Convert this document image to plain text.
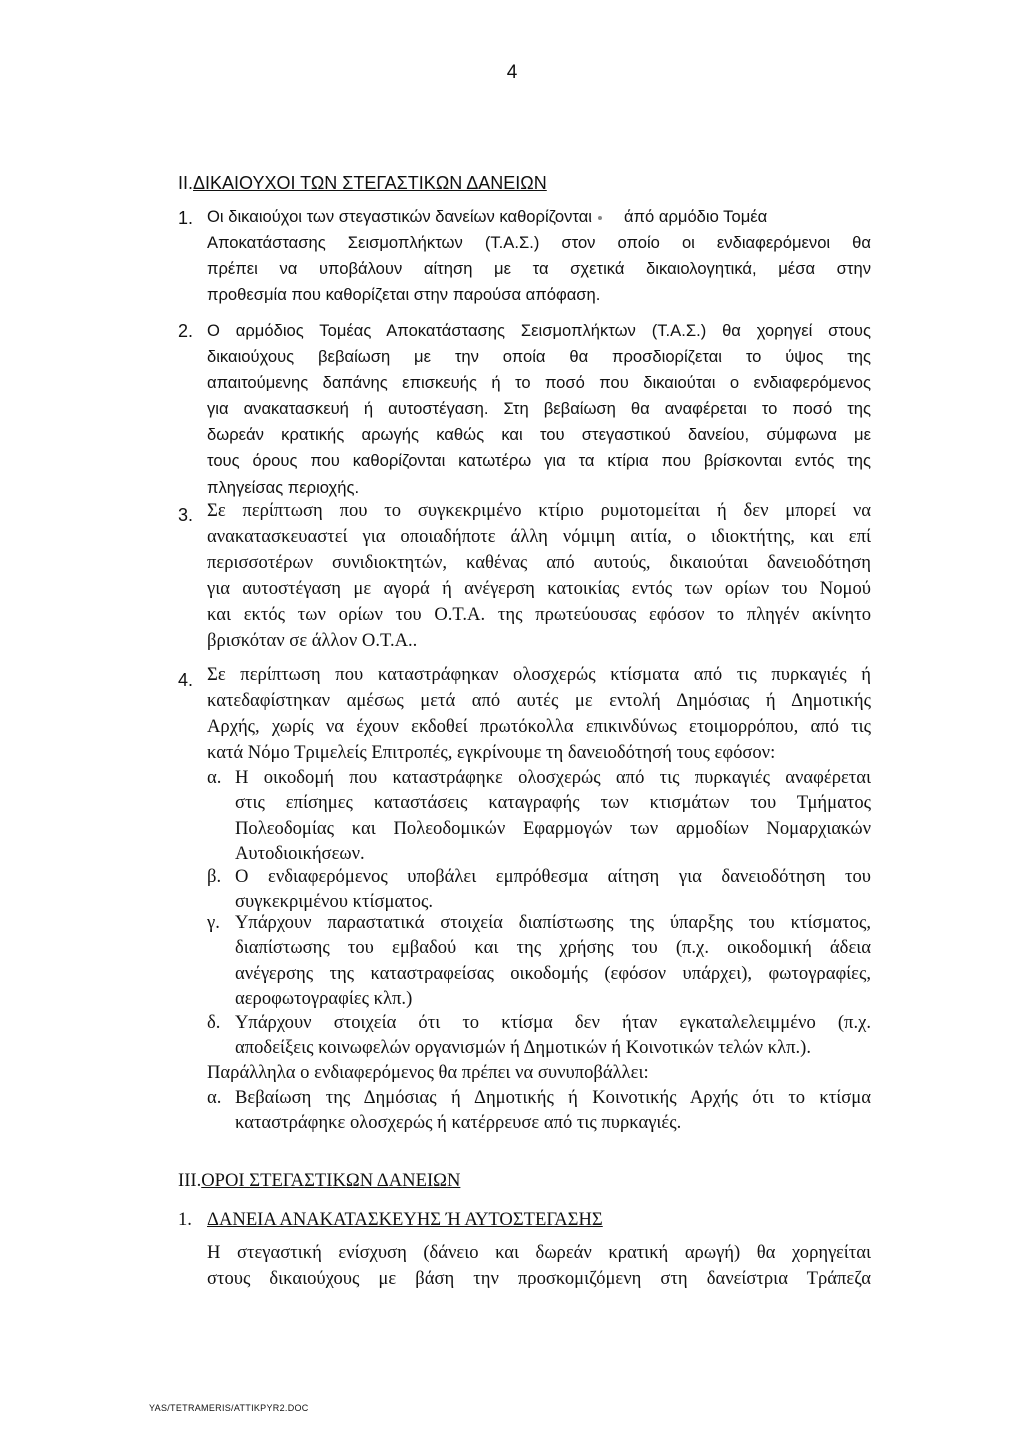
4
II.ΔΙΚΑΙΟΥΧΟΙ ΤΩΝ ΣΤΕΓΑΣΤΙΚΩΝ ΔΑΝΕΙΩΝ
1. Οι δικαιούχοι των στεγαστικών δανείων καθορίζονται άπό αρμόδιο Τομέα
Αποκατάστασης Σεισμοπλήκτων (Τ.Α.Σ.) στον οποίο οι ενδιαφερόμενοι θα
πρέπει να υποβάλουν αίτηση με τα σχετικά δικαιολογητικά, μέσα στην
προθεσμία που καθορίζεται στην παρούσα απόφαση.
2. Ο αρμόδιος Τομέας Αποκατάστασης Σεισμοπλήκτων (Τ.Α.Σ.) θα χορηγεί στους
δικαιούχους βεβαίωση με την οποία θα προσδιορίζεται το ύψος της
απαιτούμενης δαπάνης επισκευής ή το ποσό που δικαιούται ο ενδιαφερόμενος
για ανακατασκευή ή αυτοστέγαση. Στη βεβαίωση θα αναφέρεται το ποσό της
δωρεάν κρατικής αρωγής καθώς και του στεγαστικού δανείου, σύμφωνα με
τους όρους που καθορίζονται κατωτέρω για τα κτίρια που βρίσκονται εντός της
πληγείσας περιοχής.
3. Σε περίπτωση που το συγκεκριμένο κτίριο ρυμοτομείται ή δεν μπορεί να
ανακατασκευαστεί για οποιαδήποτε άλλη νόμιμη αιτία, ο ιδιοκτήτης, και επί
περισσοτέρων συνιδιοκτητών, καθένας από αυτούς, δικαιούται δανειοδότηση
για αυτοστέγαση με αγορά ή ανέγερση κατοικίας εντός των ορίων του Νομού
και εκτός των ορίων του Ο.Τ.Α. της πρωτεύουσας εφόσον το πληγέν ακίνητο
βρισκόταν σε άλλον Ο.Τ.Α..
4. Σε περίπτωση που καταστράφηκαν ολοσχερώς κτίσματα από τις πυρκαγιές ή
κατεδαφίστηκαν αμέσως μετά από αυτές με εντολή Δημόσιας ή Δημοτικής
Αρχής, χωρίς να έχουν εκδοθεί πρωτόκολλα επικινδύνως ετοιμορρόπου, από τις
κατά Νόμο Τριμελείς Επιτροπές, εγκρίνουμε τη δανειοδότησή τους εφόσον:
α. Η οικοδομή που καταστράφηκε ολοσχερώς από τις πυρκαγιές αναφέρεται
στις επίσημες καταστάσεις καταγραφής των κτισμάτων του Τμήματος
Πολεοδομίας και Πολεοδομικών Εφαρμογών των αρμοδίων Νομαρχιακών
Αυτοδιοικήσεων.
β. Ο ενδιαφερόμενος υποβάλει εμπρόθεσμα αίτηση για δανειοδότηση του
συγκεκριμένου κτίσματος.
γ. Υπάρχουν παραστατικά στοιχεία διαπίστωσης της ύπαρξης του κτίσματος,
διαπίστωσης του εμβαδού και της χρήσης του (π.χ. οικοδομική άδεια
ανέγερσης της καταστραφείσας οικοδομής (εφόσον υπάρχει), φωτογραφίες,
αεροφωτογραφίες κλπ.)
δ. Υπάρχουν στοιχεία ότι το κτίσμα δεν ήταν εγκαταλελειμμένο (π.χ.
αποδείξεις κοινωφελών οργανισμών ή Δημοτικών ή Κοινοτικών τελών κλπ.).
Παράλληλα ο ενδιαφερόμενος θα πρέπει να συνυποβάλλει:
α. Βεβαίωση της Δημόσιας ή Δημοτικής ή Κοινοτικής Αρχής ότι το κτίσμα
καταστράφηκε ολοσχερώς ή κατέρρευσε από τις πυρκαγιές.
III.ΟΡΟΙ ΣΤΕΓΑΣΤΙΚΩΝ ΔΑΝΕΙΩΝ
1. ΔΑΝΕΙΑ ΑΝΑΚΑΤΑΣΚΕΥΗΣ Ή ΑΥΤΟΣΤΕΓΑΣΗΣ
Η στεγαστική ενίσχυση (δάνειο και δωρεάν κρατική αρωγή) θα χορηγείται
στους δικαιούχους με βάση την προσκομιζόμενη στη δανείστρια Τράπεζα
YAS/TETRAMERIS/ATTIKPYR2.DOC
